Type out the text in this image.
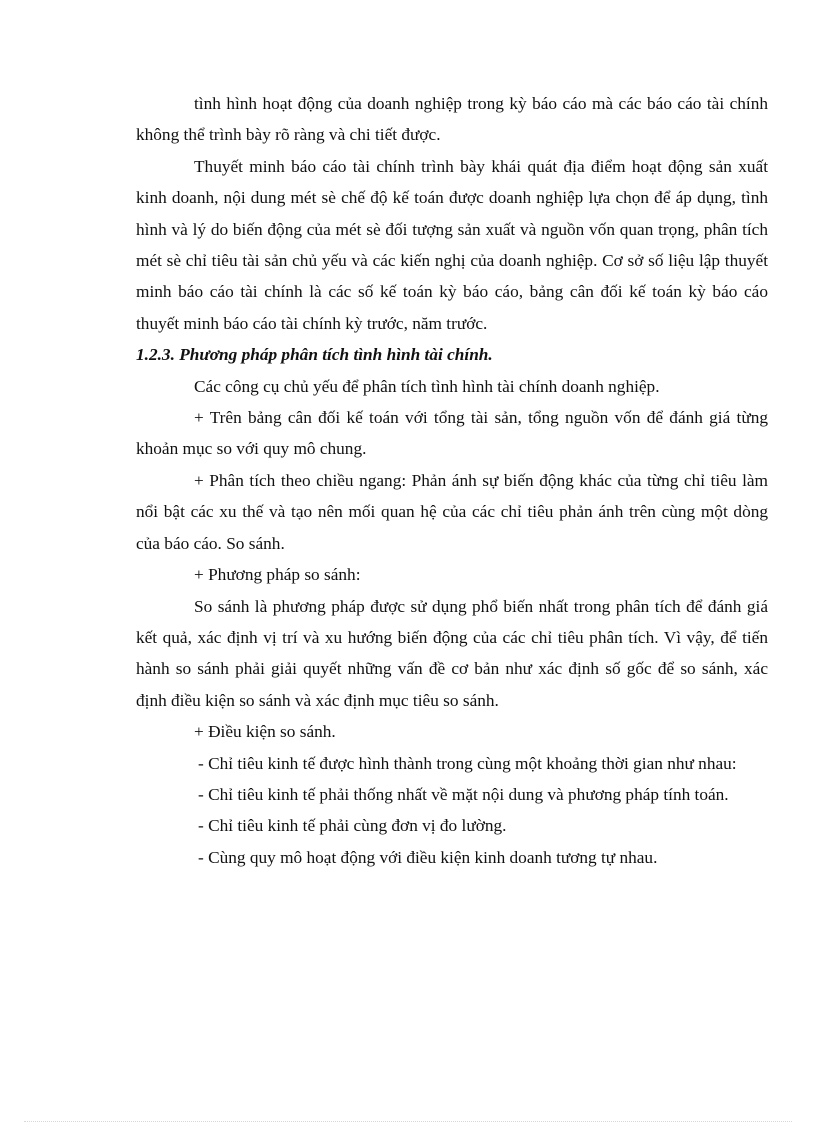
tình hình hoạt động của doanh nghiệp trong kỳ báo cáo mà các báo cáo tài chính không thể trình bày rõ ràng và chi tiết được.

Thuyết minh báo cáo tài chính trình bày khái quát địa điểm hoạt động sản xuất kinh doanh, nội dung mét sè chế độ kế toán được doanh nghiệp lựa chọn để áp dụng, tình hình và lý do biến động của mét sè đối tượng sản xuất và nguồn vốn quan trọng, phân tích mét sè chỉ tiêu tài sản chủ yếu và các kiến nghị của doanh nghiệp. Cơ sở số liệu lập thuyết minh báo cáo tài chính là các số kế toán kỳ báo cáo, bảng cân đối kế toán kỳ báo cáo thuyết minh báo cáo tài chính kỳ trước, năm trước.

1.2.3. Phương pháp phân tích tình hình tài chính.

Các công cụ chủ yếu để phân tích tình hình tài chính doanh nghiệp.

+ Trên bảng cân đối kế toán với tổng tài sản, tổng nguồn vốn để đánh giá từng khoản mục so với quy mô chung.

+ Phân tích theo chiều ngang: Phản ánh sự biến động khác của từng chỉ tiêu làm nổi bật các xu thế và tạo nên mối quan hệ của các chỉ tiêu phản ánh trên cùng một dòng của báo cáo. So sánh.

+ Phương pháp so sánh:

So sánh là phương pháp được sử dụng phổ biến nhất trong phân tích để đánh giá kết quả, xác định vị trí và xu hướng biến động của các chỉ tiêu phân tích. Vì vậy, để tiến hành so sánh phải giải quyết những vấn đề cơ bản như xác định số gốc để so sánh, xác định điều kiện so sánh và xác định mục tiêu so sánh.

+ Điều kiện so sánh.

- Chỉ tiêu kinh tế được hình thành trong cùng một khoảng thời gian như nhau:

- Chỉ tiêu kinh tế phải thống nhất về mặt nội dung và phương pháp tính toán.

- Chỉ tiêu kinh tế phải cùng đơn vị đo lường.

- Cùng quy mô hoạt động với điều kiện kinh doanh tương tự nhau.
